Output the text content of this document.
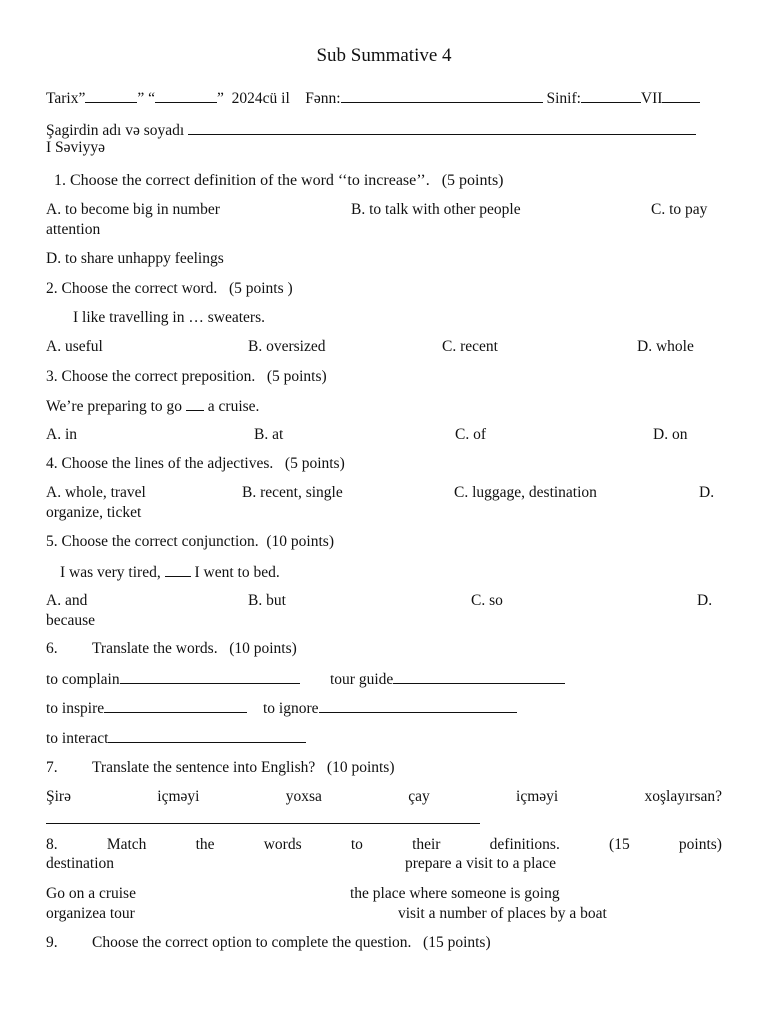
Sub Summative 4
Tarix”	” “	” 2024cü il Fənn:	Sinif:	VII
Şagirdin adı və soyadı
I Səviyyə
1. Choose the correct definition of the word ‘‘to increase’’. (5 points)
A. to become big in number	B. to talk with other people	C. to pay
attention
D. to share unhappy feelings
2. Choose the correct word. (5 points )
I like travelling in … sweaters.
A. useful	B. oversized	C. recent	D. whole
3. Choose the correct preposition. (5 points)
We’re preparing to go a cruise.
A. in	B. at	C. of	D. on
4. Choose the lines of the adjectives. (5 points)
A. whole, travel	B. recent, single	C. luggage, destination	D.
organize, ticket
5. Choose the correct conjunction. (10 points)
I was very tired, I went to bed.
A. and	B. but	C. so	D.
because
6. Translate the words. (10 points)
to complain	tour guide
to inspire	to ignore
to interact
7. Translate the sentence into English? (10 points)
Şirə	içməyi	yoxsa	çay	içməyi	xoşlayırsan?
8.	Match	the	words	to	their	definitions.	(15	points)
destination	prepare a visit to a place
Go on a cruise	the place where someone is going
organizea tour	visit a number of places by a boat
9. Choose the correct option to complete the question. (15 points)
